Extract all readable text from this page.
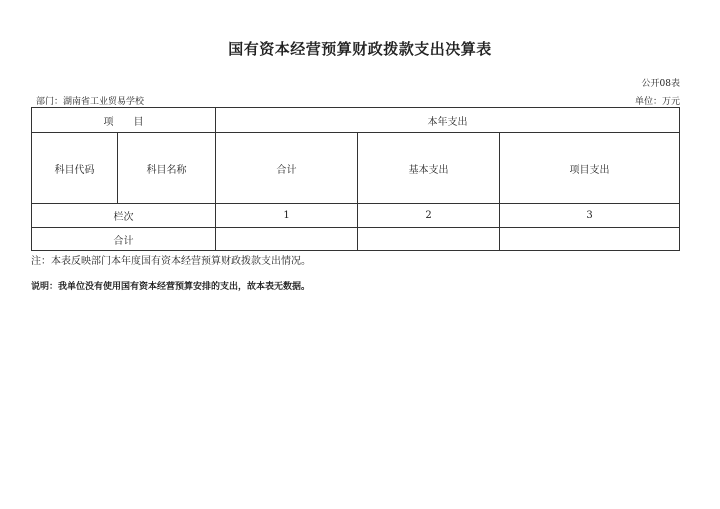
国有资本经营预算财政拨款支出决算表
公开08表
部门：湖南省工业贸易学校	单位：万元
项　　目		本年支出		
科目代码	科目名称	合计	基本支出	项目支出
栏次		1	2	3
合计				
注：本表反映部门本年度国有资本经营预算财政拨款支出情况。
说明：我单位没有使用国有资本经营预算安排的支出，故本表无数据。
